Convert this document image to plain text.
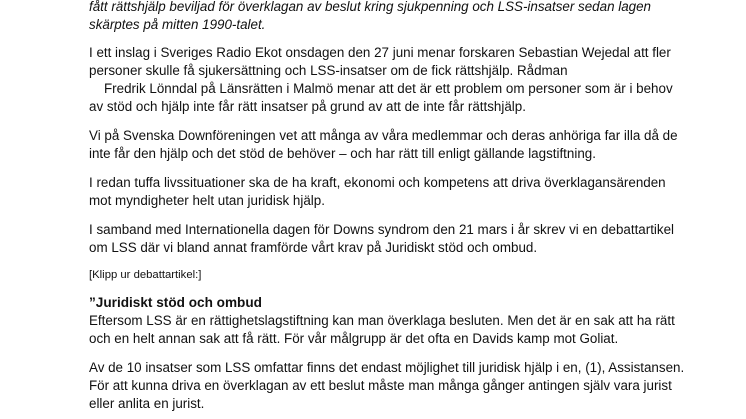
fått rättshjälp beviljad för överklagan av beslut kring sjukpenning och LSS-insatser sedan lagen
skärptes på mitten 1990-talet.
I ett inslag i Sveriges Radio Ekot onsdagen den 27 juni menar forskaren Sebastian Wejedal att fler
personer skulle få sjukersättning och LSS-insatser om de fick rättshjälp. Rådman
Fredrik Lönndal på Länsrätten i Malmö menar att det är ett problem om personer som är i behov
av stöd och hjälp inte får rätt insatser på grund av att de inte får rättshjälp.
Vi på Svenska Downföreningen vet att många av våra medlemmar och deras anhöriga far illa då de
inte får den hjälp och det stöd de behöver – och har rätt till enligt gällande lagstiftning.
I redan tuffa livssituationer ska de ha kraft, ekonomi och kompetens att driva överklagansärenden
mot myndigheter helt utan juridisk hjälp.
I samband med Internationella dagen för Downs syndrom den 21 mars i år skrev vi en debattartikel
om LSS där vi bland annat framförde vårt krav på Juridiskt stöd och ombud.
[Klipp ur debattartikel:]
”Juridiskt stöd och ombud
Eftersom LSS är en rättighetslagstiftning kan man överklaga besluten. Men det är en sak att ha rätt
och en helt annan sak att få rätt. För vår målgrupp är det ofta en Davids kamp mot Goliat.
Av de 10 insatser som LSS omfattar finns det endast möjlighet till juridisk hjälp i en, (1), Assistansen.
För att kunna driva en överklagan av ett beslut måste man många gånger antingen själv vara jurist
eller anlita en jurist.
